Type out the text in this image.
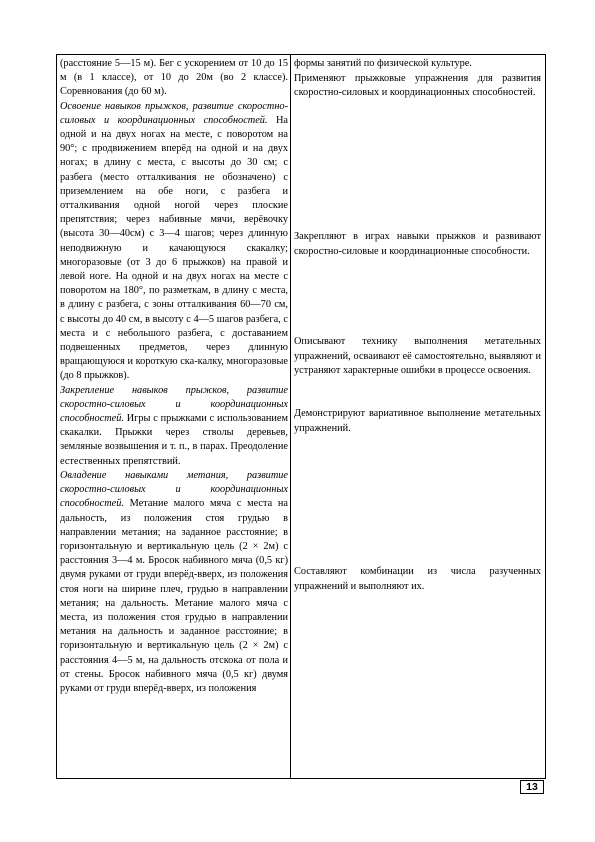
(расстояние 5—15 м). Бег с ускорением от 10 до 15 м (в 1 классе), от 10 до 20м (во 2 классе). Соревнования (до 60 м).

Освоение навыков прыжков, развитие скоростно-силовых и координационных способностей. На одной и на двух ногах на месте, с поворотом на 90°; с продвижением вперёд на одной и на двух ногах; в длину с места, с высоты до 30 см; с разбега (место отталкивания не обозначено) с приземлением на обе ноги, с разбега и отталкивания одной ногой через плоские препятствия; через набивные мячи, верёвочку (высота 30—40см) с 3—4 шагов; через длинную неподвижную и качающуюся скакалку; многоразовые (от 3 до 6 прыжков) на правой и левой ноге. На одной и на двух ногах на месте с поворотом на 180°, по разметкам, в длину с места, в длину с разбега, с зоны отталкивания 60—70 см, с высоты до 40 см, в высоту с 4—5 шагов разбега, с места и с небольшого разбега, с доставанием подвешенных предметов, через длинную вращающуюся и короткую ска-калку, многоразовые (до 8 прыжков).

Закрепление навыков прыжков, развитие скоростно-силовых и координационных способностей. Игры с прыжками с использованием скакалки. Прыжки через стволы деревьев, земляные возвышения и т. п., в парах. Преодоление естественных препятствий.

Овладение навыками метания, развитие скоростно-силовых и координационных способностей. Метание малого мяча с места на дальность, из положения стоя грудью в направлении метания; на заданное расстояние; в горизонтальную и вертикальную цель (2 × 2м) с расстояния 3—4 м. Бросок набивного мяча (0,5 кг) двумя руками от груди вперёд-вверх, из положения стоя ноги на ширине плеч, грудью в направлении метания; на дальность. Метание малого мяча с места, из положения стоя грудью в направлении метания на дальность и заданное расстояние; в горизонтальную и вертикальную цель (2 × 2м) с расстояния 4—5 м, на дальность отскока от пола и от стены. Бросок набивного мяча (0,5 кг) двумя руками от груди вперёд-вверх, из положения

формы занятий по физической культуре.

Применяют прыжковые упражнения для развития скоростно-силовых и координационных способностей.

Закрепляют в играх навыки прыжков и развивают скоростно-силовые и координационные способности.

Описывают технику выполнения метательных упражнений, осваивают её самостоятельно, выявляют и устраняют характерные ошибки в процессе освоения.

Демонстрируют вариативное выполнение метательных упражнений.

Составляют комбинации из числа разученных упражнений и выполняют их.

13
